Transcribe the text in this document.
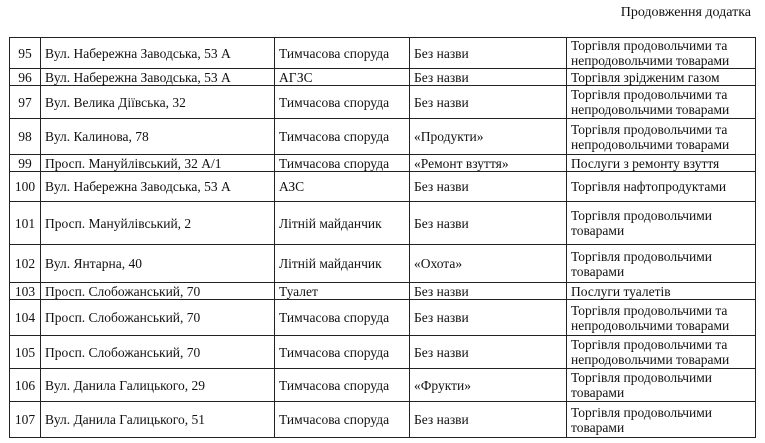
Продовження додатка
95	Вул. Набережна Заводська, 53 А	Тимчасова споруда	Без назви	Торгівля продовольчими та непродовольчими товарами
96	Вул. Набережна Заводська, 53 А	АГЗС	Без назви	Торгівля зрідженим газом
97	Вул. Велика Діївська, 32	Тимчасова споруда	Без назви	Торгівля продовольчими та непродовольчими товарами
98	Вул. Калинова, 78	Тимчасова споруда	«Продукти»	Торгівля продовольчими та непродовольчими товарами
99	Просп. Мануйлівський, 32 А/1	Тимчасова споруда	«Ремонт взуття»	Послуги з ремонту взуття
100	Вул. Набережна Заводська, 53 А	АЗС	Без назви	Торгівля нафтопродуктами
101	Просп. Мануйлівський, 2	Літній майданчик	Без назви	Торгівля продовольчими товарами
102	Вул. Янтарна, 40	Літній майданчик	«Охота»	Торгівля продовольчими товарами
103	Просп. Слобожанський, 70	Туалет	Без назви	Послуги туалетів
104	Просп. Слобожанський, 70	Тимчасова споруда	Без назви	Торгівля продовольчими та непродовольчими товарами
105	Просп. Слобожанський, 70	Тимчасова споруда	Без назви	Торгівля продовольчими та непродовольчими товарами
106	Вул. Данила Галицького, 29	Тимчасова споруда	«Фрукти»	Торгівля продовольчими товарами
107	Вул. Данила Галицького, 51	Тимчасова споруда	Без назви	Торгівля продовольчими товарами
